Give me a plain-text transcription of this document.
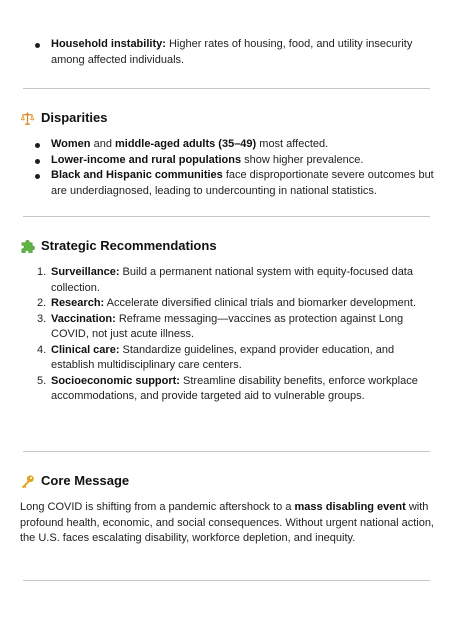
Household instability: Higher rates of housing, food, and utility insecurity among affected individuals.
Disparities
Women and middle-aged adults (35–49) most affected.
Lower-income and rural populations show higher prevalence.
Black and Hispanic communities face disproportionate severe outcomes but are underdiagnosed, leading to undercounting in national statistics.
Strategic Recommendations
1. Surveillance: Build a permanent national system with equity-focused data collection.
2. Research: Accelerate diversified clinical trials and biomarker development.
3. Vaccination: Reframe messaging—vaccines as protection against Long COVID, not just acute illness.
4. Clinical care: Standardize guidelines, expand provider education, and establish multidisciplinary care centers.
5. Socioeconomic support: Streamline disability benefits, enforce workplace accommodations, and provide targeted aid to vulnerable groups.
Core Message

Long COVID is shifting from a pandemic aftershock to a mass disabling event with profound health, economic, and social consequences. Without urgent national action, the U.S. faces escalating disability, workforce depletion, and inequity.
